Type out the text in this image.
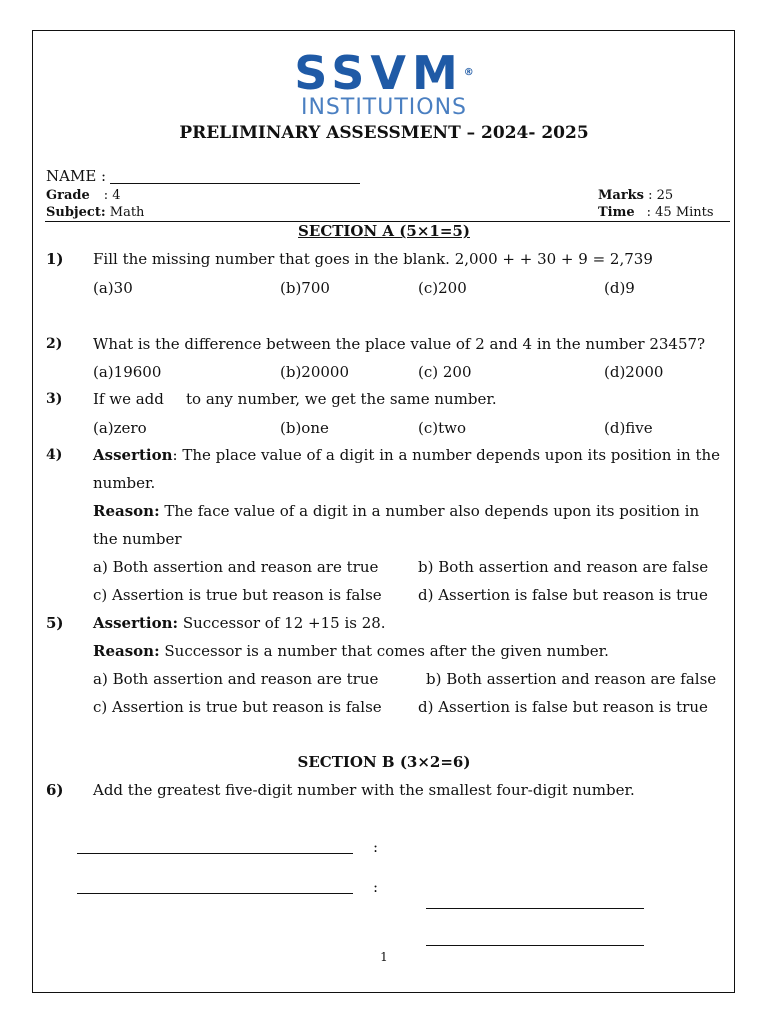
SSVM®
INSTITUTIONS
PRELIMINARY ASSESSMENT – 2024- 2025
NAME :
Grade : 4	Marks : 25
Subject: Math	Time : 45 Mints
SECTION A (5×1=5)
1) Fill the missing number that goes in the blank. 2,000 + + 30 + 9 = 2,739
(a)30	(b)700	(c)200	(d)9
2) What is the difference between the place value of 2 and 4 in the number 23457?
(a)19600	(b)20000	(c) 200	(d)2000
3) If we add to any number, we get the same number.
(a)zero	(b)one	(c)two	(d)five
4) Assertion: The place value of a digit in a number depends upon its position in the
number.
Reason: The face value of a digit in a number also depends upon its position in
the number
a) Both assertion and reason are true	b) Both assertion and reason are false
c) Assertion is true but reason is false d) Assertion is false but reason is true
5) Assertion: Successor of 12 +15 is 28.
Reason: Successor is a number that comes after the given number.
a) Both assertion and reason are true	b) Both assertion and reason are false
c) Assertion is true but reason is false d) Assertion is false but reason is true
SECTION B (3×2=6)
6) Add the greatest five-digit number with the smallest four-digit number.
:
:
1
